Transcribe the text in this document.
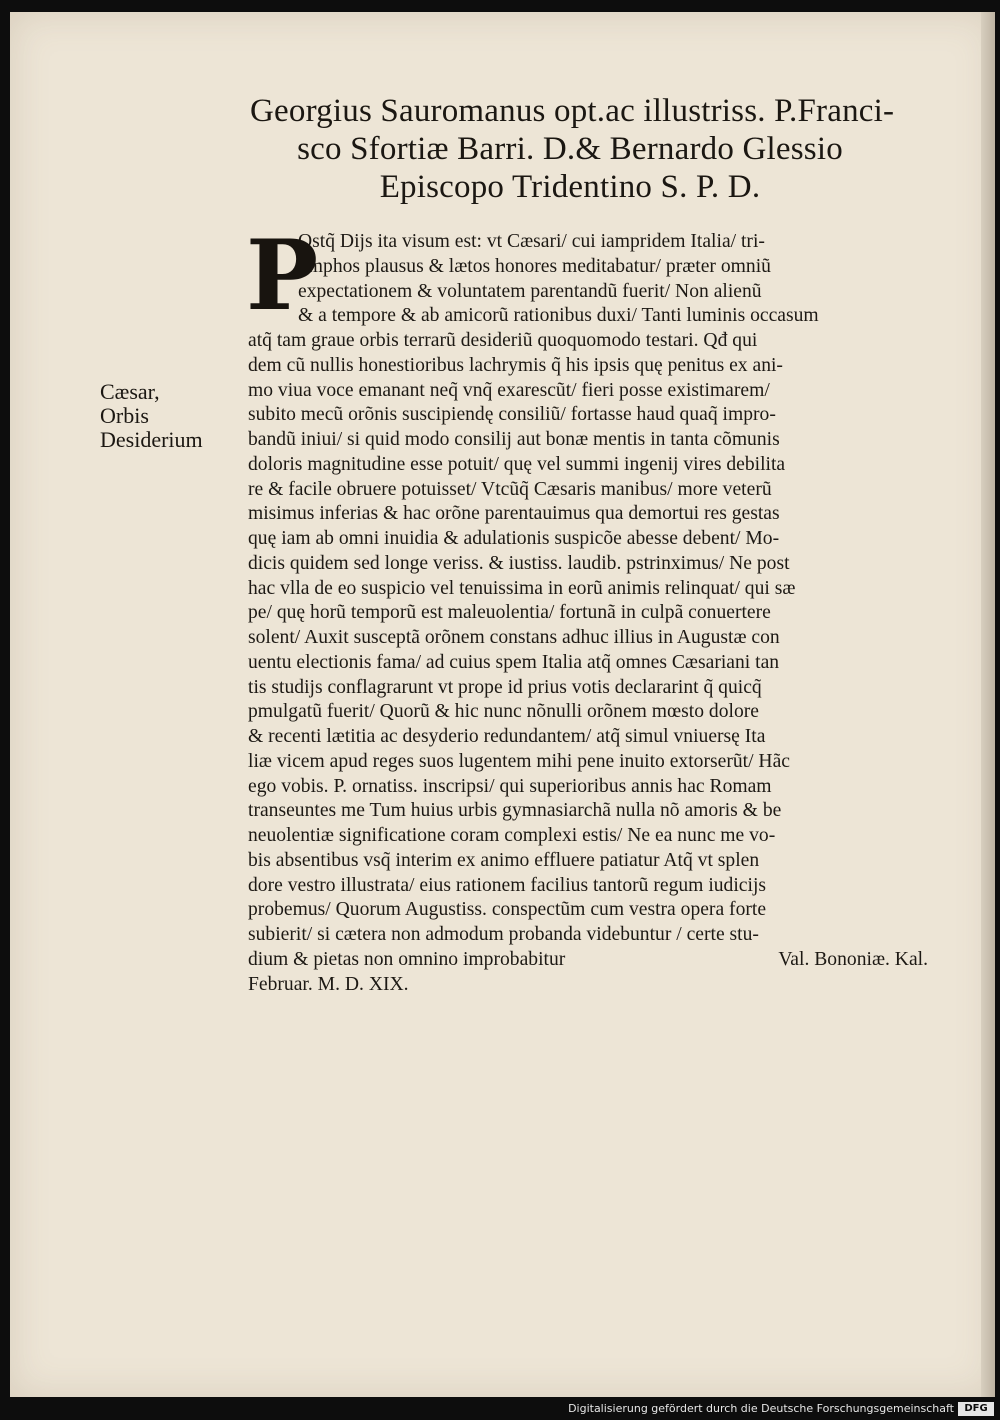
Georgius Sauromanus opt.ac illustriss. P.Franci-
sco Sfortiæ Barri. D.& Bernardo Glessio
Episcopo Tridentino S. P. D.
Cæsar,
Orbis
Desiderium
P
Ostq̃ Dijs ita visum est: vt Cæsari/ cui iampridem Italia/ tri-
umphos plausus & lætos honores meditabatur/ præter omniũ
expectationem & voluntatem parentandũ fuerit/ Non alienũ
& a tempore & ab amicorũ rationibus duxi/ Tanti luminis occasum
atq̃ tam graue orbis terrarũ desideriũ quoquomodo testari. Qđ qui
dem cũ nullis honestioribus lachrymis q̃ his ipsis quę penitus ex ani-
mo viua voce emanant neq̃ vnq̃ exarescũt/ fieri posse existimarem/
subito mecũ orõnis suscipiendę consiliũ/ fortasse haud quaq̃ impro-
bandũ iniui/ si quid modo consilij aut bonæ mentis in tanta cõmunis
doloris magnitudine esse potuit/ quę vel summi ingenij vires debilita
re & facile obruere potuisset/ Vtcũq̃ Cæsaris manibus/ more veterũ
misimus inferias & hac orõne parentauimus qua demortui res gestas
quę iam ab omni inuidia & adulationis suspicõe abesse debent/ Mo-
dicis quidem sed longe veriss. & iustiss. laudib. pstrinximus/ Ne post
hac vlla de eo suspicio vel tenuissima in eorũ animis relinquat/ qui sæ
pe/ quę horũ temporũ est maleuolentia/ fortunã in culpã conuertere
solent/ Auxit susceptã orõnem constans adhuc illius in Augustæ con
uentu electionis fama/ ad cuius spem Italia atq̃ omnes Cæsariani tan
tis studijs conflagrarunt vt prope id prius votis declararint q̃ quicq̃
pmulgatũ fuerit/ Quorũ & hic nunc nõnulli orõnem mœsto dolore
& recenti lætitia ac desyderio redundantem/ atq̃ simul vniuersę Ita
liæ vicem apud reges suos lugentem mihi pene inuito extorserũt/ Hãc
ego vobis. P. ornatiss. inscripsi/ qui superioribus annis hac Romam
transeuntes me Tum huius urbis gymnasiarchã nulla nõ amoris & be
neuolentiæ significatione coram complexi estis/ Ne ea nunc me vo-
bis absentibus vsq̃ interim ex animo effluere patiatur Atq̃ vt splen
dore vestro illustrata/ eius rationem facilius tantorũ regum iudicijs
probemus/ Quorum Augustiss. conspectũm cum vestra opera forte
subierit/ si cætera non admodum probanda videbuntur / certe stu-
dium & pietas non omnino improbabitur	Val. Bononiæ. Kal.
Februar. M. D. XIX.
Digitalisierung gefördert durch die Deutsche Forschungsgemeinschaft	DFG
